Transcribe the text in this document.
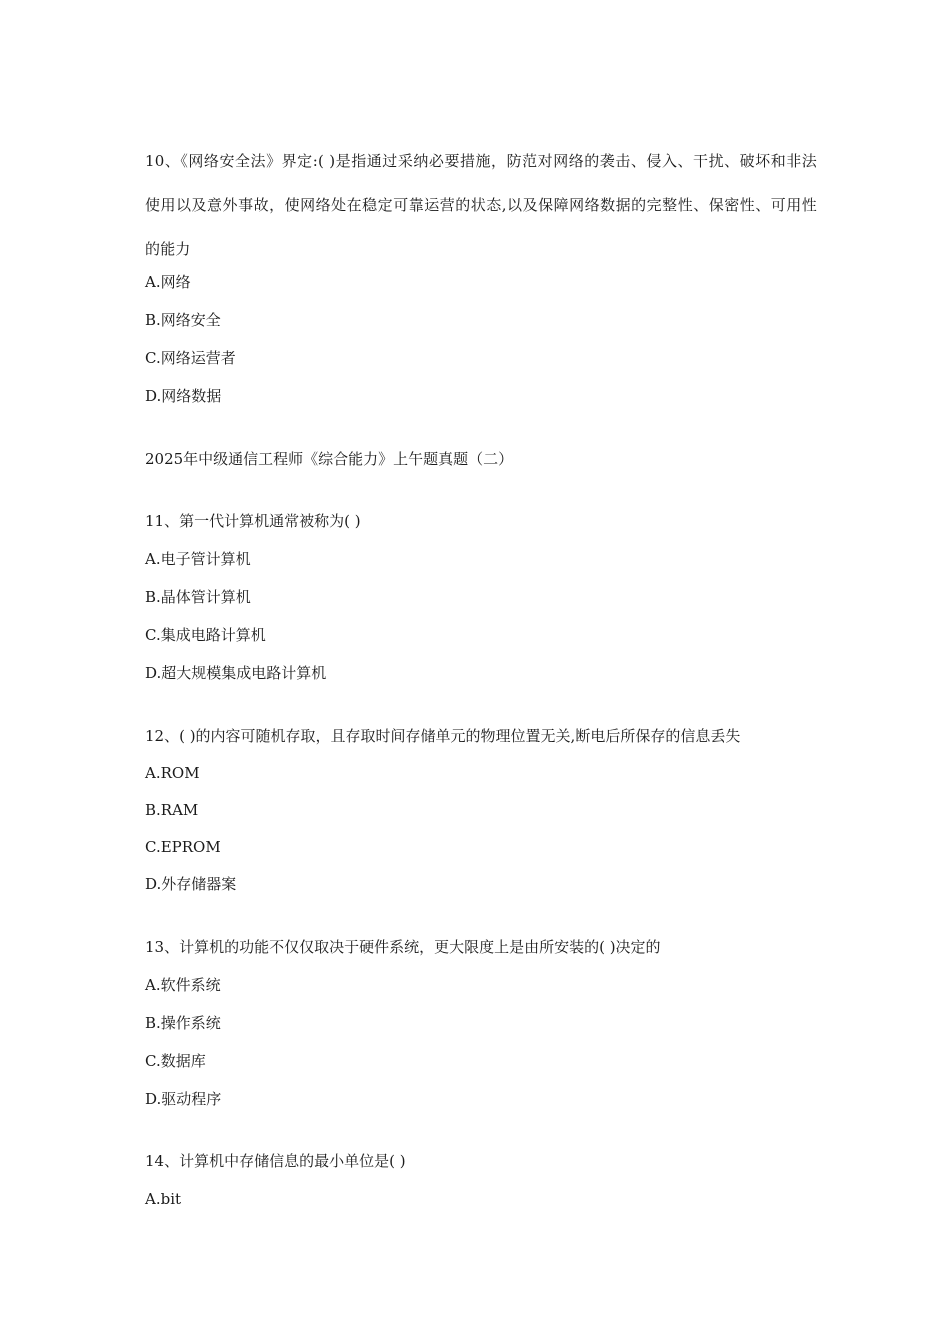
10、《网络安全法》界定:( )是指通过采纳必要措施，防范对网络的袭击、侵入、干扰、破坏和非法使用以及意外事故，使网络处在稳定可靠运营的状态,以及保障网络数据的完整性、保密性、可用性的能力
A.网络
B.网络安全
C.网络运营者
D.网络数据
2025年中级通信工程师《综合能力》上午题真题（二）
11、第一代计算机通常被称为( )
A.电子管计算机
B.晶体管计算机
C.集成电路计算机
D.超大规模集成电路计算机
12、( )的内容可随机存取，且存取时间存储单元的物理位置无关,断电后所保存的信息丢失
A.ROM
B.RAM
C.EPROM
D.外存储器案
13、计算机的功能不仅仅取决于硬件系统，更大限度上是由所安装的( )决定的
A.软件系统
B.操作系统
C.数据库
D.驱动程序
14、计算机中存储信息的最小单位是( )
A.bit
